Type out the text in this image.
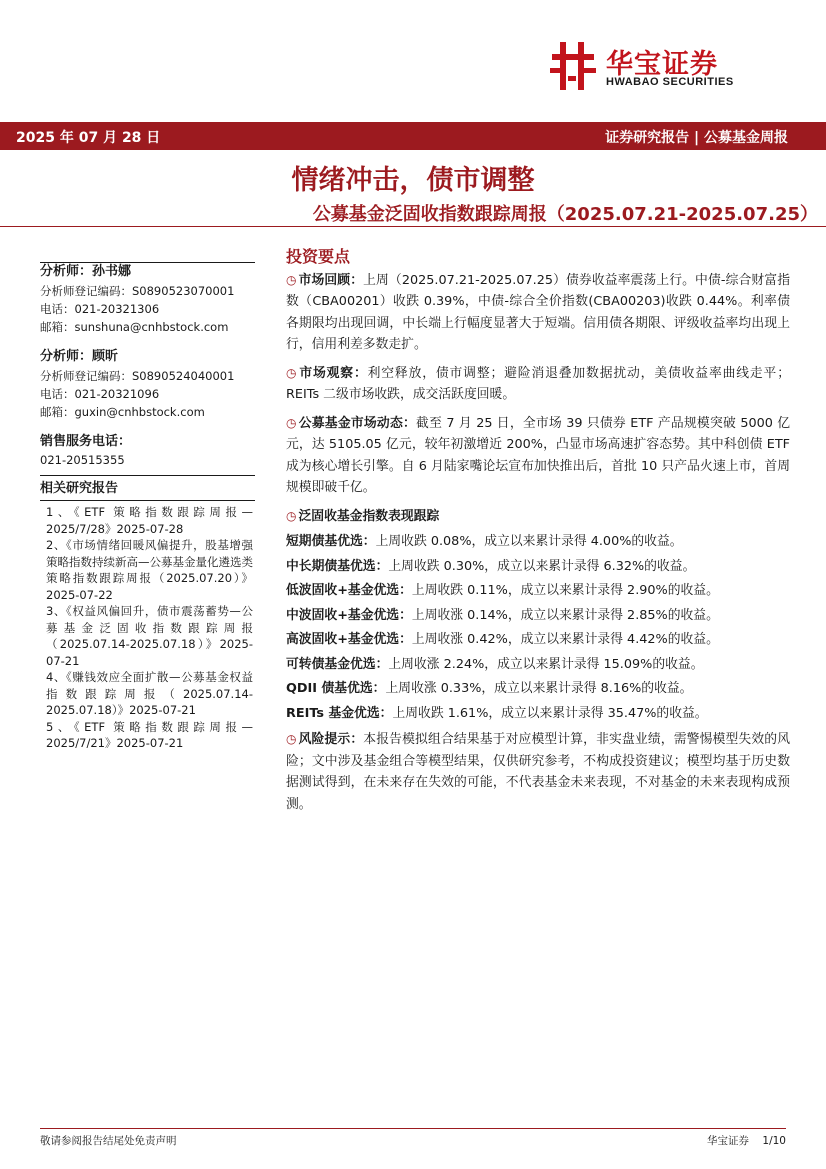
华宝证券
HWABAO SECURITIES
2025 年 07 月 28 日	证券研究报告 | 公募基金周报
情绪冲击，债市调整
公募基金泛固收指数跟踪周报（2025.07.21-2025.07.25）
分析师：孙书娜
分析师登记编码：S0890523070001
电话：021-20321306
邮箱：sunshuna@cnhbstock.com
分析师：顾昕
分析师登记编码：S0890524040001
电话：021-20321096
邮箱：guxin@cnhbstock.com
销售服务电话：
021-20515355
相关研究报告
1、《ETF 策略指数跟踪周报—2025/7/28》2025-07-28
2、《市场情绪回暖风偏提升，股基增强策略指数持续新高—公募基金量化遴选类策略指数跟踪周报（2025.07.20）》2025-07-22
3、《权益风偏回升，债市震荡蓄势—公募基金泛固收指数跟踪周报（2025.07.14-2025.07.18）》2025-07-21
4、《赚钱效应全面扩散—公募基金权益指数跟踪周报（2025.07.14-2025.07.18）》2025-07-21
5、《ETF 策略指数跟踪周报—2025/7/21》2025-07-21
投资要点
◷ 市场回顾：上周（2025.07.21-2025.07.25）债券收益率震荡上行。中债-综合财富指数（CBA00201）收跌 0.39%，中债-综合全价指数(CBA00203)收跌 0.44%。利率债各期限均出现回调，中长端上行幅度显著大于短端。信用债各期限、评级收益率均出现上行，信用利差多数走扩。
◷ 市场观察：利空释放，债市调整；避险消退叠加数据扰动，美债收益率曲线走平；REITs 二级市场收跌，成交活跃度回暖。
◷ 公募基金市场动态：截至 7 月 25 日，全市场 39 只债券 ETF 产品规模突破 5000 亿元，达 5105.05 亿元，较年初激增近 200%，凸显市场高速扩容态势。其中科创债 ETF 成为核心增长引擎。自 6 月陆家嘴论坛宣布加快推出后，首批 10 只产品火速上市，首周规模即破千亿。
◷ 泛固收基金指数表现跟踪
短期债基优选：上周收跌 0.08%，成立以来累计录得 4.00%的收益。
中长期债基优选：上周收跌 0.30%，成立以来累计录得 6.32%的收益。
低波固收+基金优选：上周收跌 0.11%，成立以来累计录得 2.90%的收益。
中波固收+基金优选：上周收涨 0.14%，成立以来累计录得 2.85%的收益。
高波固收+基金优选：上周收涨 0.42%，成立以来累计录得 4.42%的收益。
可转债基金优选：上周收涨 2.24%，成立以来累计录得 15.09%的收益。
QDII 债基优选：上周收涨 0.33%，成立以来累计录得 8.16%的收益。
REITs 基金优选：上周收跌 1.61%，成立以来累计录得 35.47%的收益。
◷ 风险提示：本报告模拟组合结果基于对应模型计算，非实盘业绩，需警惕模型失效的风险；文中涉及基金组合等模型结果，仅供研究参考，不构成投资建议；模型均基于历史数据测试得到，在未来存在失效的可能，不代表基金未来表现，不对基金的未来表现构成预测。
敬请参阅报告结尾处免责声明	华宝证券 1/10
